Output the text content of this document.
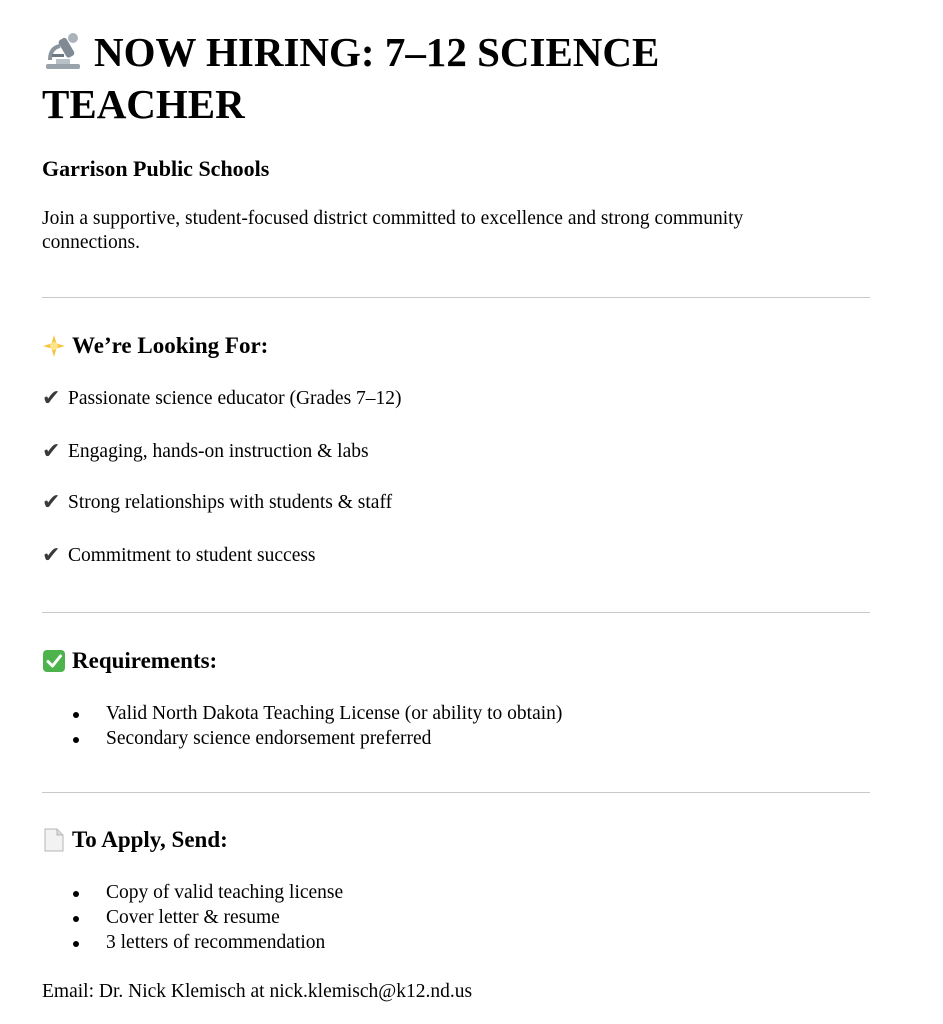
NOW HIRING: 7–12 SCIENCE TEACHER
Garrison Public Schools
Join a supportive, student-focused district committed to excellence and strong community connections.
We’re Looking For:
✔ Passionate science educator (Grades 7–12)
✔ Engaging, hands-on instruction & labs
✔ Strong relationships with students & staff
✔ Commitment to student success
Requirements:
Valid North Dakota Teaching License (or ability to obtain)
Secondary science endorsement preferred
To Apply, Send:
Copy of valid teaching license
Cover letter & resume
3 letters of recommendation
Email: Dr. Nick Klemisch at nick.klemisch@k12.nd.us
